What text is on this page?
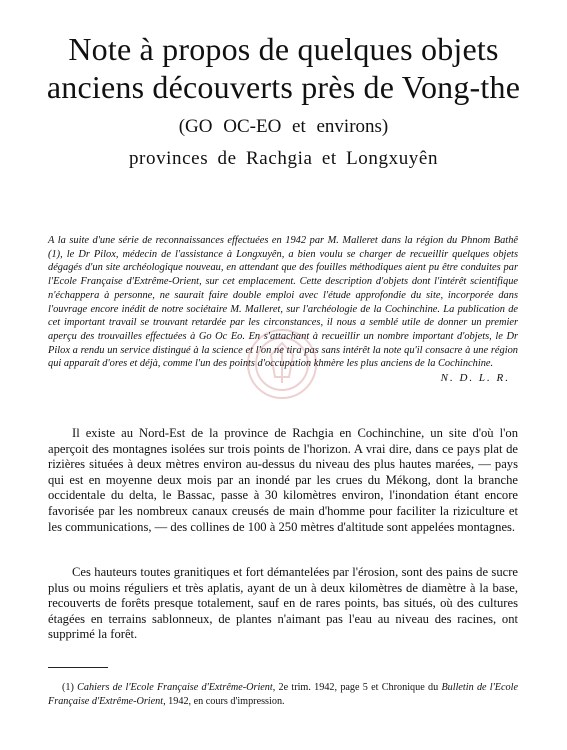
Note à propos de quelques objets
anciens découverts près de Vong-the

(GO OC-EO et environs)

provinces de Rachgia et Longxuyên

A la suite d'une série de reconnaissances effectuées en 1942 par M. Malleret dans la région du Phnom Bathê (1), le Dr Pilox, médecin de l'assistance à Longxuyên, a bien voulu se charger de recueillir quelques objets dégagés d'un site archéologique nouveau, en attendant que des fouilles méthodiques aient pu être conduites par l'Ecole Française d'Extrême-Orient, sur cet emplacement. Cette description d'objets dont l'intérêt scientifique n'échappera à personne, ne saurait faire double emploi avec l'étude approfondie du site, incorporée dans l'ouvrage encore inédit de notre sociétaire M. Malleret, sur l'archéologie de la Cochinchine. La publication de cet important travail se trouvant retardée par les circonstances, il nous a semblé utile de donner un premier aperçu des trouvailles effectuées à Go Oc Eo. En s'attachant à recueillir un nombre important d'objets, le Dr Pilox a rendu un service distingué à la science et l'on ne tira pas sans intérêt la note qu'il consacre à une région qui apparaît d'ores et déjà, comme l'un des points d'occupation khmère les plus anciens de la Cochinchine.

N. D. L. R.

Il existe au Nord-Est de la province de Rachgia en Cochinchine, un site d'où l'on aperçoit des montagnes isolées sur trois points de l'horizon. A vrai dire, dans ce pays plat de rizières situées à deux mètres environ au-dessus du niveau des plus hautes marées, — pays qui est en moyenne deux mois par an inondé par les crues du Mékong, dont la branche occidentale du delta, le Bassac, passe à 30 kilomètres environ, l'inondation étant encore favorisée par les nombreux canaux creusés de main d'homme pour faciliter la riziculture et les communications, — des collines de 100 à 250 mètres d'altitude sont appelées montagnes.

Ces hauteurs toutes granitiques et fort démantelées par l'érosion, sont des pains de sucre plus ou moins réguliers et très aplatis, ayant de un à deux kilomètres de diamètre à la base, recouverts de forêts presque totalement, sauf en de rares points, bas situés, où des cultures étagées en terrains sablonneux, de plantes n'aimant pas l'eau au niveau des racines, ont supprimé la forêt.

(1) Cahiers de l'Ecole Française d'Extrême-Orient, 2e trim. 1942, page 5 et Chronique du Bulletin de l'Ecole Française d'Extrême-Orient, 1942, en cours d'impression.
